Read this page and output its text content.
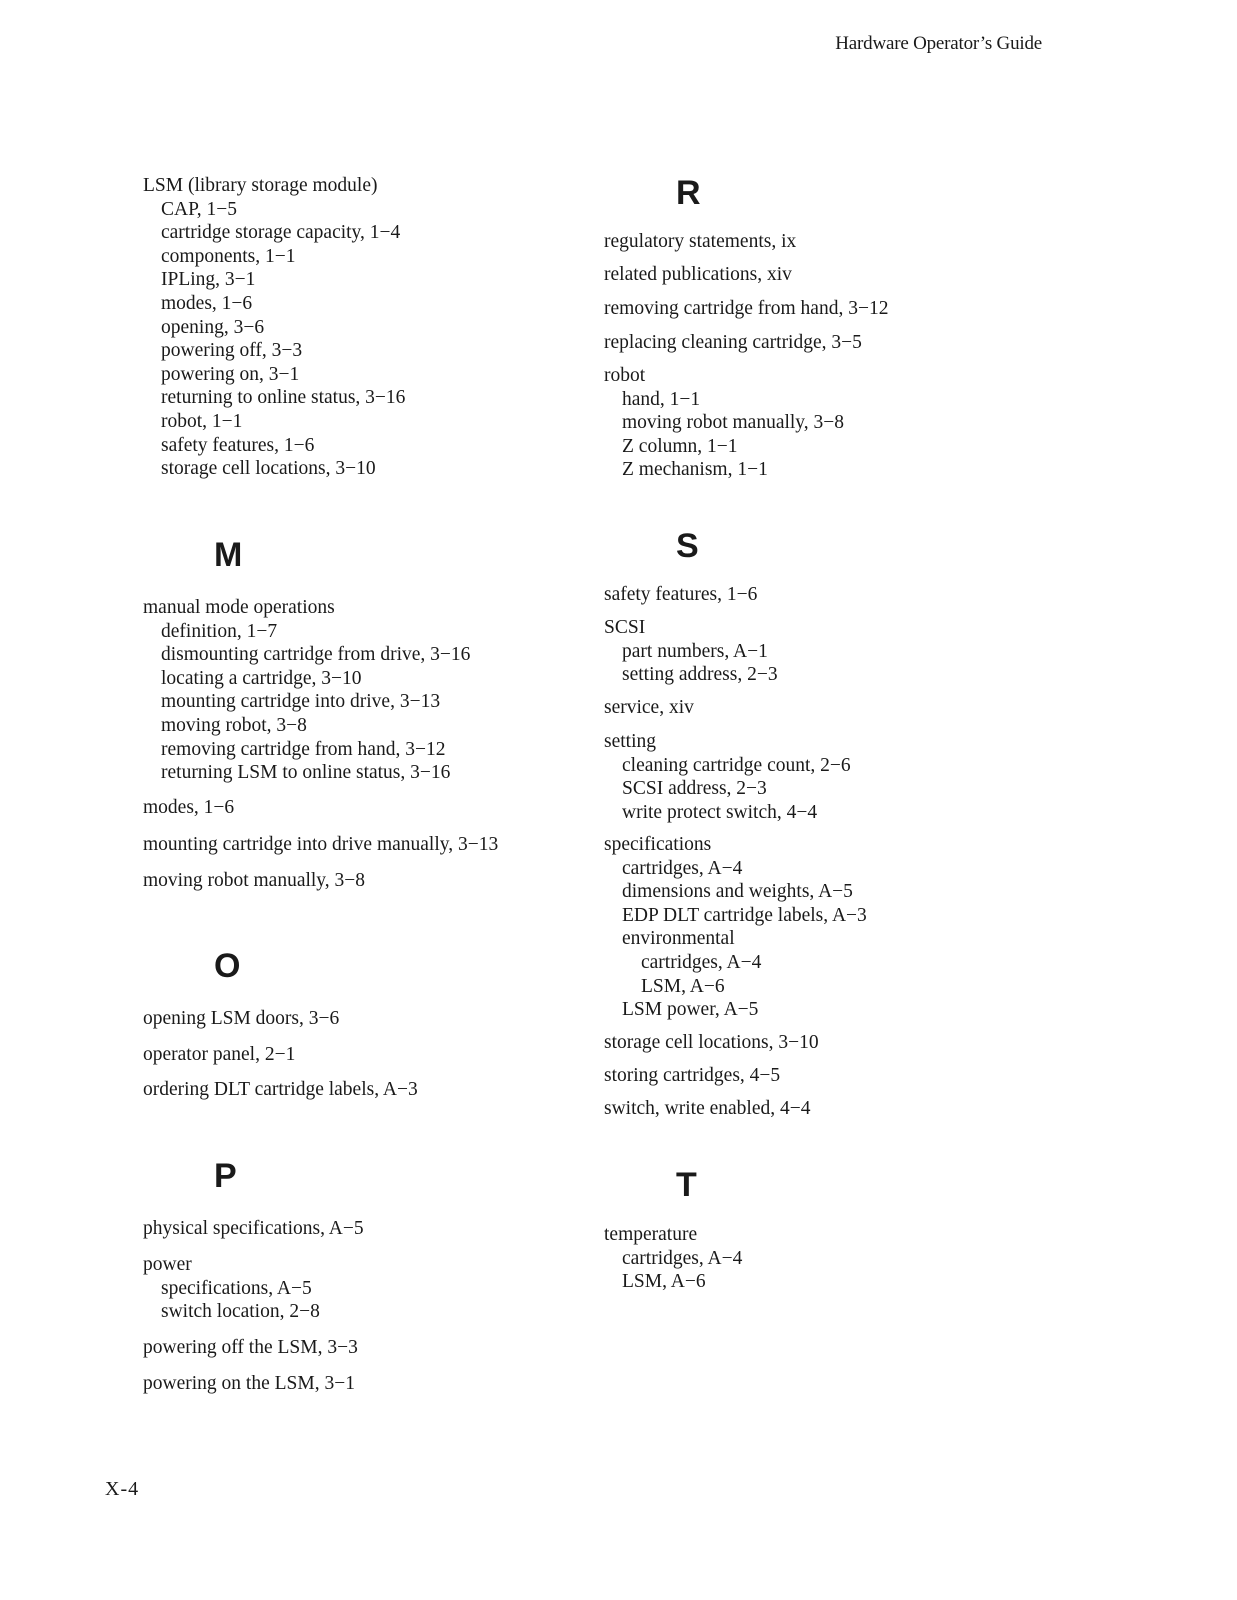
Hardware Operator’s Guide
LSM (library storage module)
CAP, 1−5
cartridge storage capacity, 1−4
components, 1−1
IPLing, 3−1
modes, 1−6
opening, 3−6
powering off, 3−3
powering on, 3−1
returning to online status, 3−16
robot, 1−1
safety features, 1−6
storage cell locations, 3−10
M
manual mode operations
definition, 1−7
dismounting cartridge from drive, 3−16
locating a cartridge, 3−10
mounting cartridge into drive, 3−13
moving robot, 3−8
removing cartridge from hand, 3−12
returning LSM to online status, 3−16
modes, 1−6
mounting cartridge into drive manually, 3−13
moving robot manually, 3−8
O
opening LSM doors, 3−6
operator panel, 2−1
ordering DLT cartridge labels, A−3
P
physical specifications, A−5
power
specifications, A−5
switch location, 2−8
powering off the LSM, 3−3
powering on the LSM, 3−1
R
regulatory statements, ix
related publications, xiv
removing cartridge from hand, 3−12
replacing cleaning cartridge, 3−5
robot
hand, 1−1
moving robot manually, 3−8
Z column, 1−1
Z mechanism, 1−1
S
safety features, 1−6
SCSI
part numbers, A−1
setting address, 2−3
service, xiv
setting
cleaning cartridge count, 2−6
SCSI address, 2−3
write protect switch, 4−4
specifications
cartridges, A−4
dimensions and weights, A−5
EDP DLT cartridge labels, A−3
environmental
cartridges, A−4
LSM, A−6
LSM power, A−5
storage cell locations, 3−10
storing cartridges, 4−5
switch, write enabled, 4−4
T
temperature
cartridges, A−4
LSM, A−6
X-4
